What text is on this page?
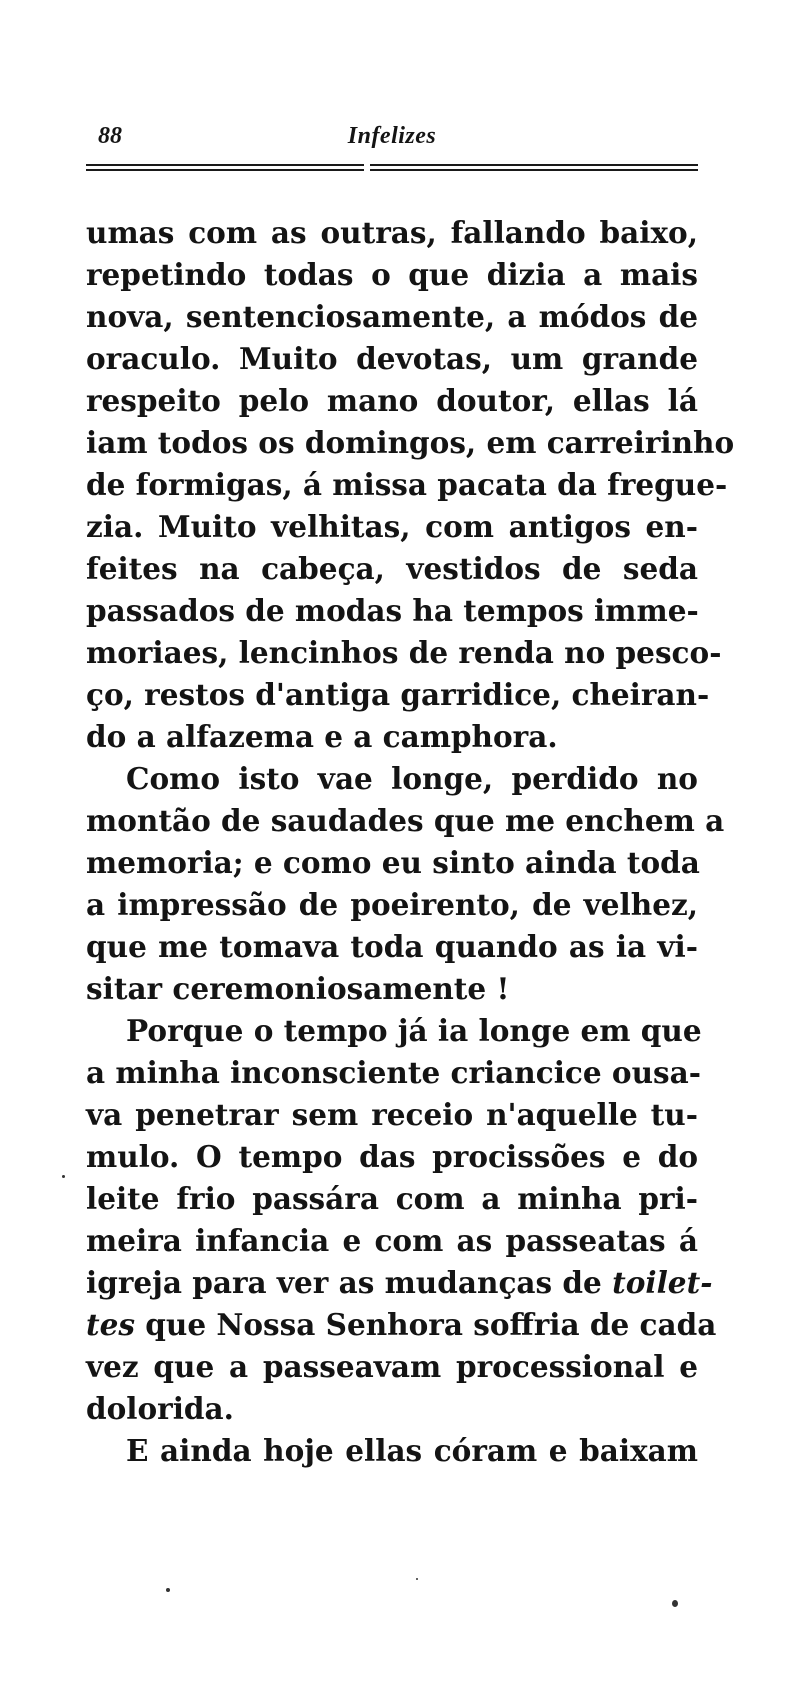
88	Infelizes
umas com as outras, fallando baixo,
repetindo todas o que dizia a mais
nova, sentenciosamente, a módos de
oraculo. Muito devotas, um grande
respeito pelo mano doutor, ellas lá
iam todos os domingos, em carreirinho
de formigas, á missa pacata da fregue-
zia. Muito velhitas, com antigos en-
feites na cabeça, vestidos de seda
passados de modas ha tempos imme-
moriaes, lencinhos de renda no pesco-
ço, restos d'antiga garridice, cheiran-
do a alfazema e a camphora.
Como isto vae longe, perdido no
montão de saudades que me enchem a
memoria; e como eu sinto ainda toda
a impressão de poeirento, de velhez,
que me tomava toda quando as ia vi-
sitar ceremoniosamente !
Porque o tempo já ia longe em que
a minha inconsciente criancice ousa-
va penetrar sem receio n'aquelle tu-
mulo. O tempo das procissões e do
leite frio passára com a minha pri-
meira infancia e com as passeatas á
igreja para ver as mudanças de toilet-
tes que Nossa Senhora soffria de cada
vez que a passeavam processional e
dolorida.
E ainda hoje ellas córam e baixam
